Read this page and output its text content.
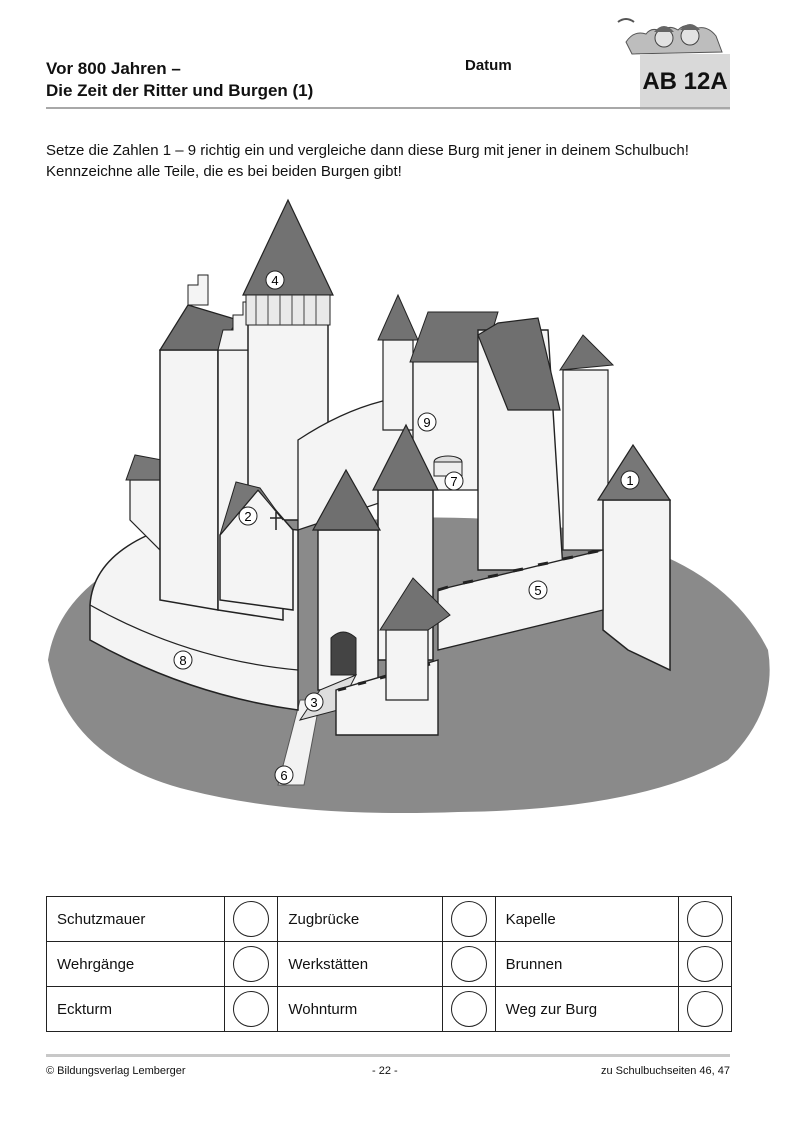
Vor 800 Jahren –
Die Zeit der Ritter und Burgen (1)
Datum
AB 12A
Setze die Zahlen 1 – 9 richtig ein und vergleiche dann diese Burg mit jener in deinem Schulbuch!
Kennzeichne alle Teile, die es bei beiden Burgen gibt!
4
9
7	1
2
5
8
3
6
Schutzmauer		Zugbrücke		Kapelle	
Wehrgänge		Werkstätten		Brunnen	
Eckturm		Wohnturm		Weg zur Burg	
© Bildungsverlag Lemberger	- 22 -	zu Schulbuchseiten 46, 47
